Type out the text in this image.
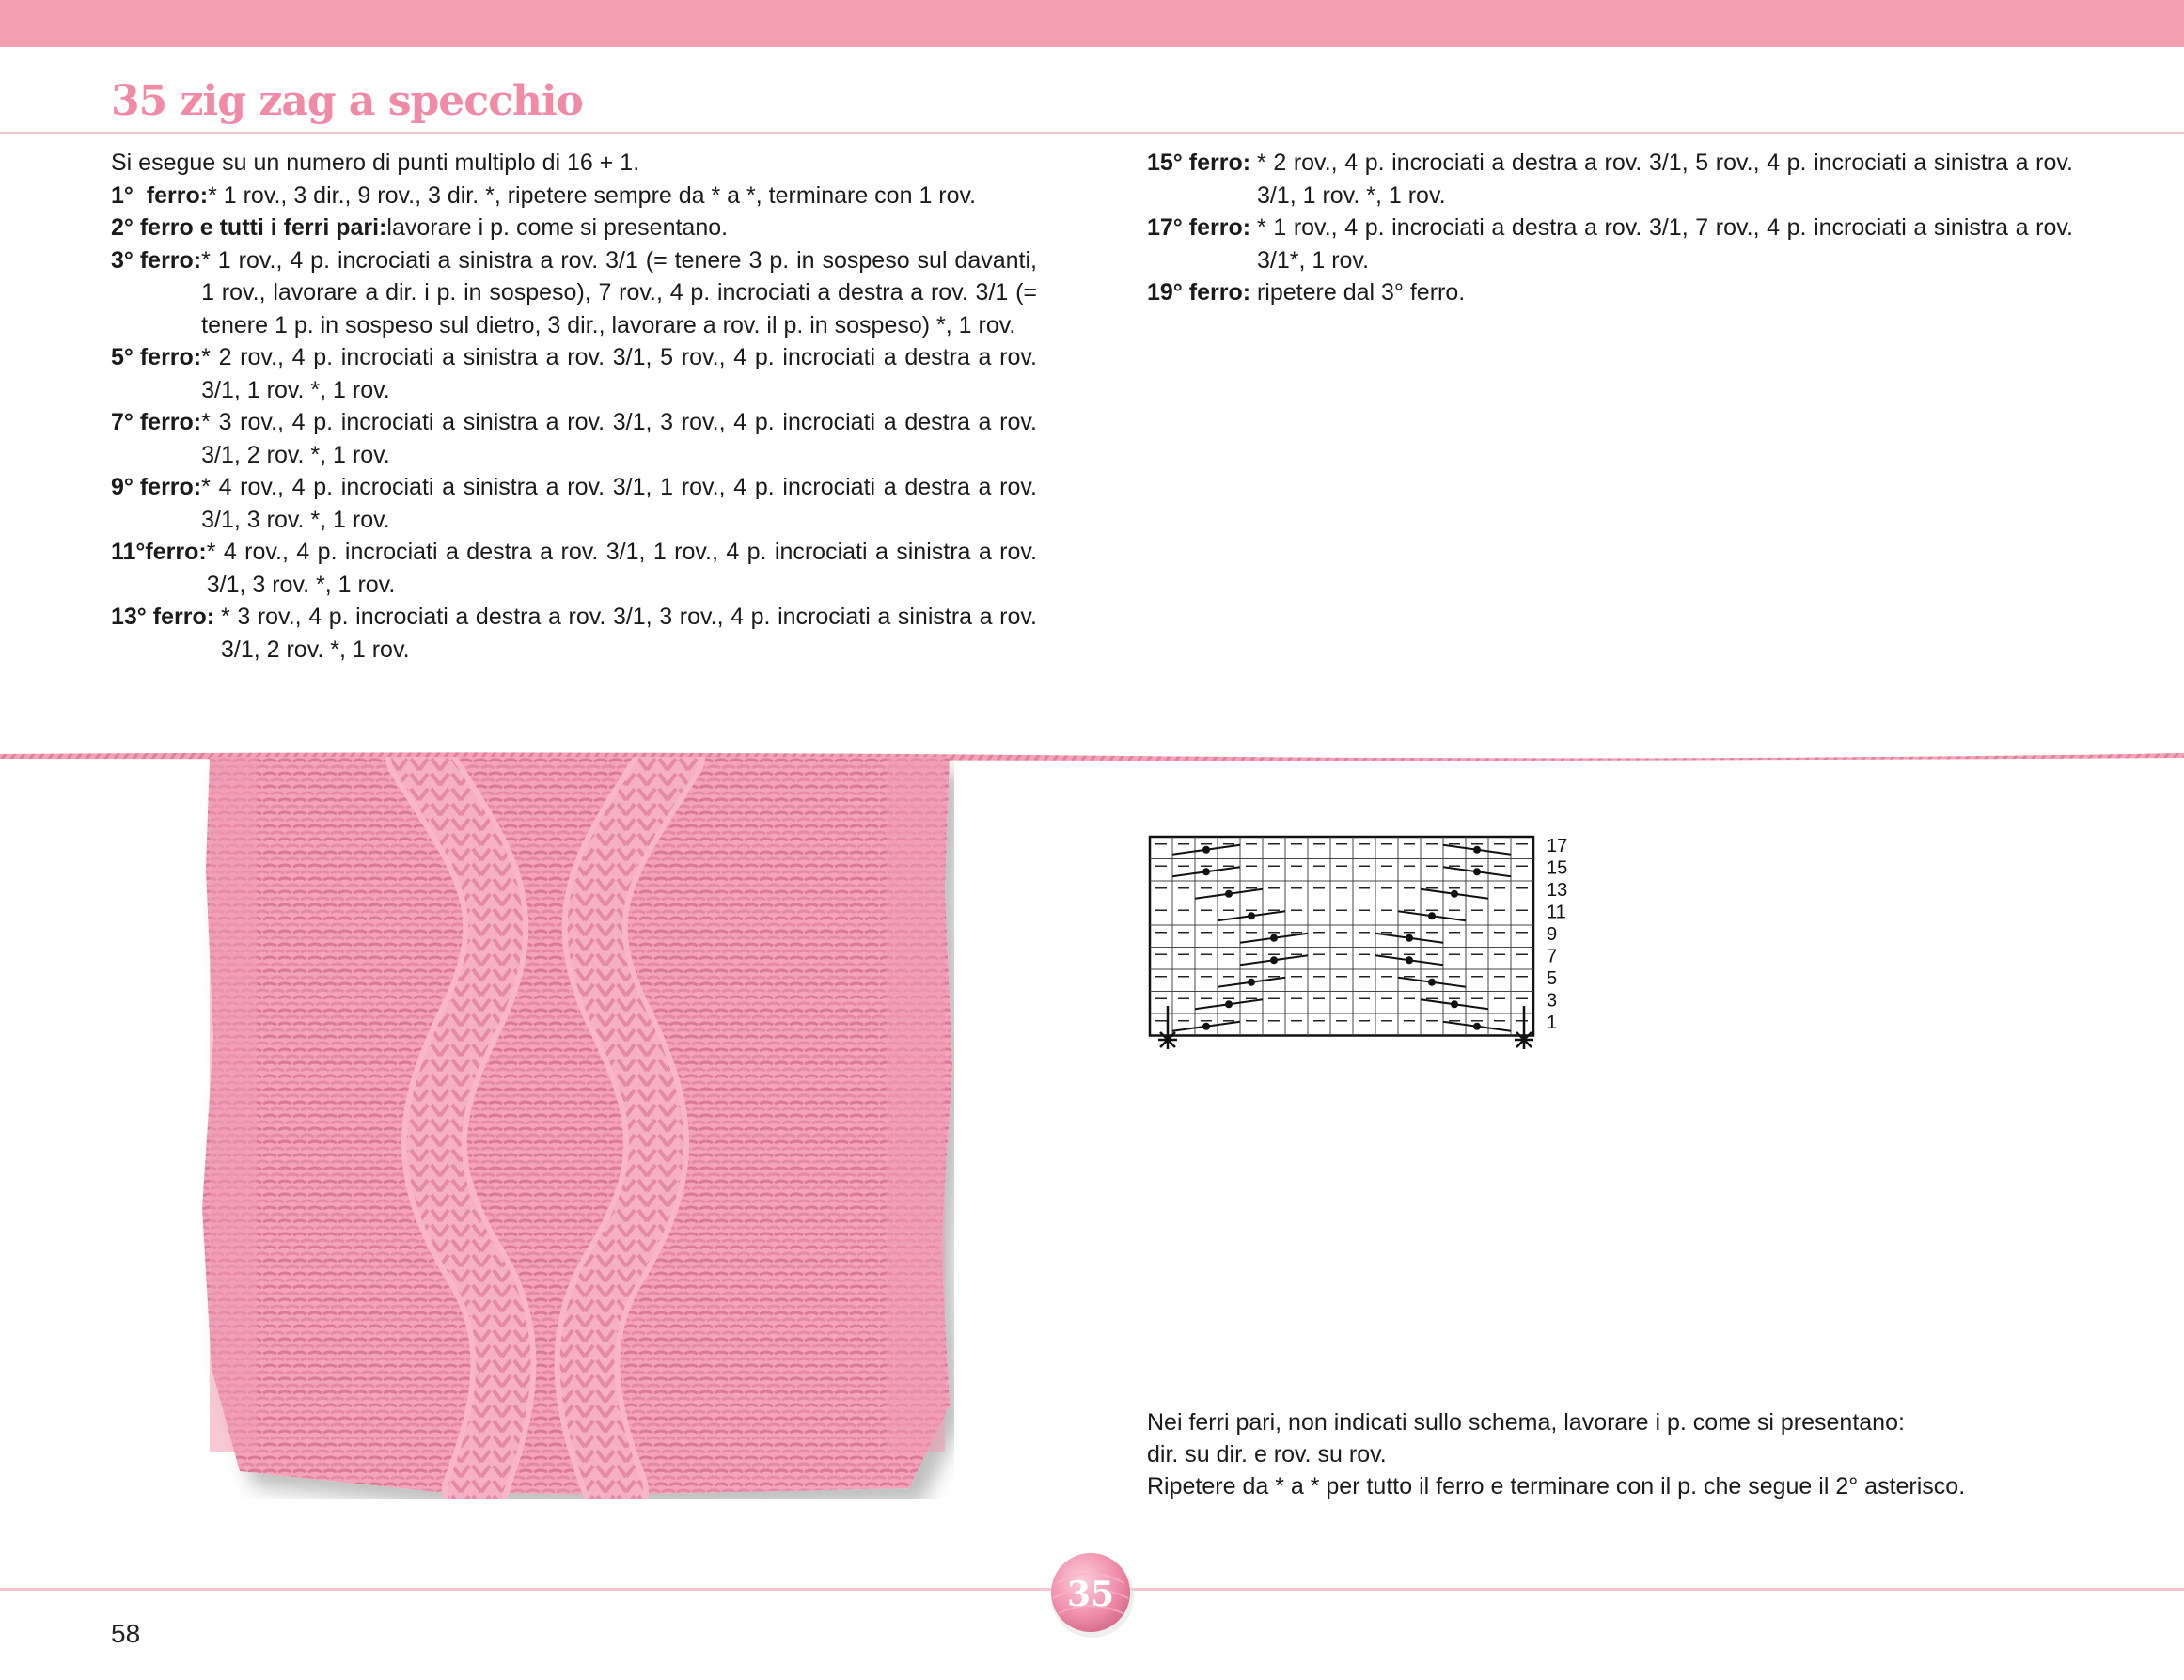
35 zig zag a specchio

Si esegue su un numero di punti multiplo di 16 + 1.

1°  ferro: * 1 rov., 3 dir., 9 rov., 3 dir. *, ripetere sempre da * a *, terminare con 1 rov.
2° ferro e tutti i ferri pari: lavorare i p. come si presentano.
3° ferro: * 1 rov., 4 p. incrociati a sinistra a rov. 3/1 (= tenere 3 p. in sospeso sul davanti, 1 rov., lavorare a dir. i p. in sospeso), 7 rov., 4 p. incrociati a destra a rov. 3/1 (= tenere 1 p. in sospeso sul dietro, 3 dir., lavorare a rov. il p. in sospeso) *, 1 rov.
5° ferro: * 2 rov., 4 p. incrociati a sinistra a rov. 3/1, 5 rov., 4 p. incrociati a destra a rov. 3/1, 1 rov. *, 1 rov.
7° ferro: * 3 rov., 4 p. incrociati a sinistra a rov. 3/1, 3 rov., 4 p. incrociati a destra a rov. 3/1, 2 rov. *, 1 rov.
9° ferro: * 4 rov., 4 p. incrociati a sinistra a rov. 3/1, 1 rov., 4 p. incrociati a destra a rov. 3/1, 3 rov. *, 1 rov.
11°ferro: * 4 rov., 4 p. incrociati a destra a rov. 3/1, 1 rov., 4 p. incrociati a sinistra a rov. 3/1, 3 rov. *, 1 rov.
13° ferro: * 3 rov., 4 p. incrociati a destra a rov. 3/1, 3 rov., 4 p. incrociati a sinistra a rov. 3/1, 2 rov. *, 1 rov.
15° ferro: * 2 rov., 4 p. incrociati a destra a rov. 3/1, 5 rov., 4 p. incrociati a sinistra a rov. 3/1, 1 rov. *, 1 rov.
17° ferro: * 1 rov., 4 p. incrociati a destra a rov. 3/1, 7 rov., 4 p. incrociati a sinistra a rov. 3/1*, 1 rov.
19° ferro: ripetere dal 3° ferro.
17
15
13
11
9
7
5
3
1

Nei ferri pari, non indicati sullo schema, lavorare i p. come si presentano:

dir. su dir. e rov. su rov.

Ripetere da * a * per tutto il ferro e terminare con il p. che segue il 2° asterisco.

35
58
